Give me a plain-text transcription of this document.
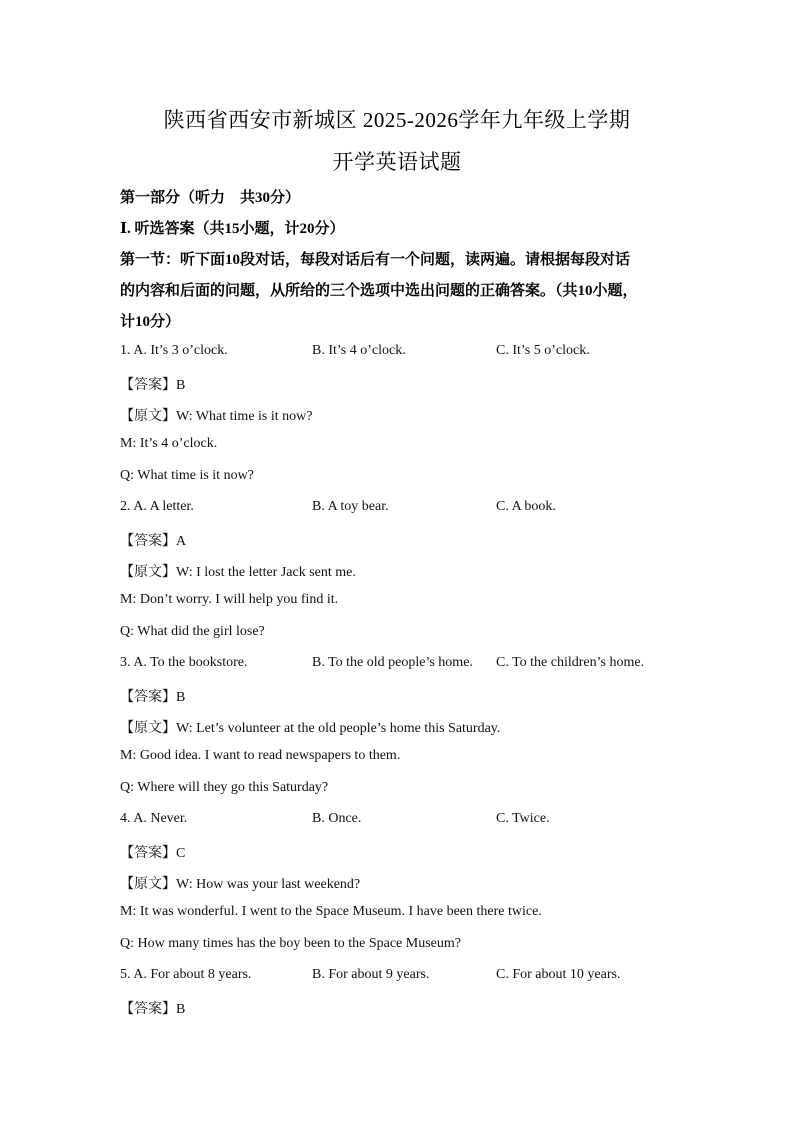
陕西省西安市新城区 2025-2026学年九年级上学期
开学英语试题
第一部分（听力　共30分）
Ⅰ. 听选答案（共15小题，计20分）
第一节：听下面10段对话，每段对话后有一个问题，读两遍。请根据每段对话
的内容和后面的问题，从所给的三个选项中选出问题的正确答案。（共10小题，
计10分）
1. A. It’s 3 o’clock.	B. It’s 4 o’clock.	C. It’s 5 o’clock.
【答案】B
【原文】W: What time is it now?
M: It’s 4 o’clock.
Q: What time is it now?
2. A. A letter.	B. A toy bear.	C. A book.
【答案】A
【原文】W: I lost the letter Jack sent me.
M: Don’t worry. I will help you find it.
Q: What did the girl lose?
3. A. To the bookstore.	B. To the old people’s home. C. To the children’s home.
【答案】B
【原文】W: Let’s volunteer at the old people’s home this Saturday.
M: Good idea. I want to read newspapers to them.
Q: Where will they go this Saturday?
4. A. Never.	B. Once.	C. Twice.
【答案】C
【原文】W: How was your last weekend?
M: It was wonderful. I went to the Space Museum. I have been there twice.
Q: How many times has the boy been to the Space Museum?
5. A. For about 8 years.	B. For about 9 years.	C. For about 10 years.
【答案】B
